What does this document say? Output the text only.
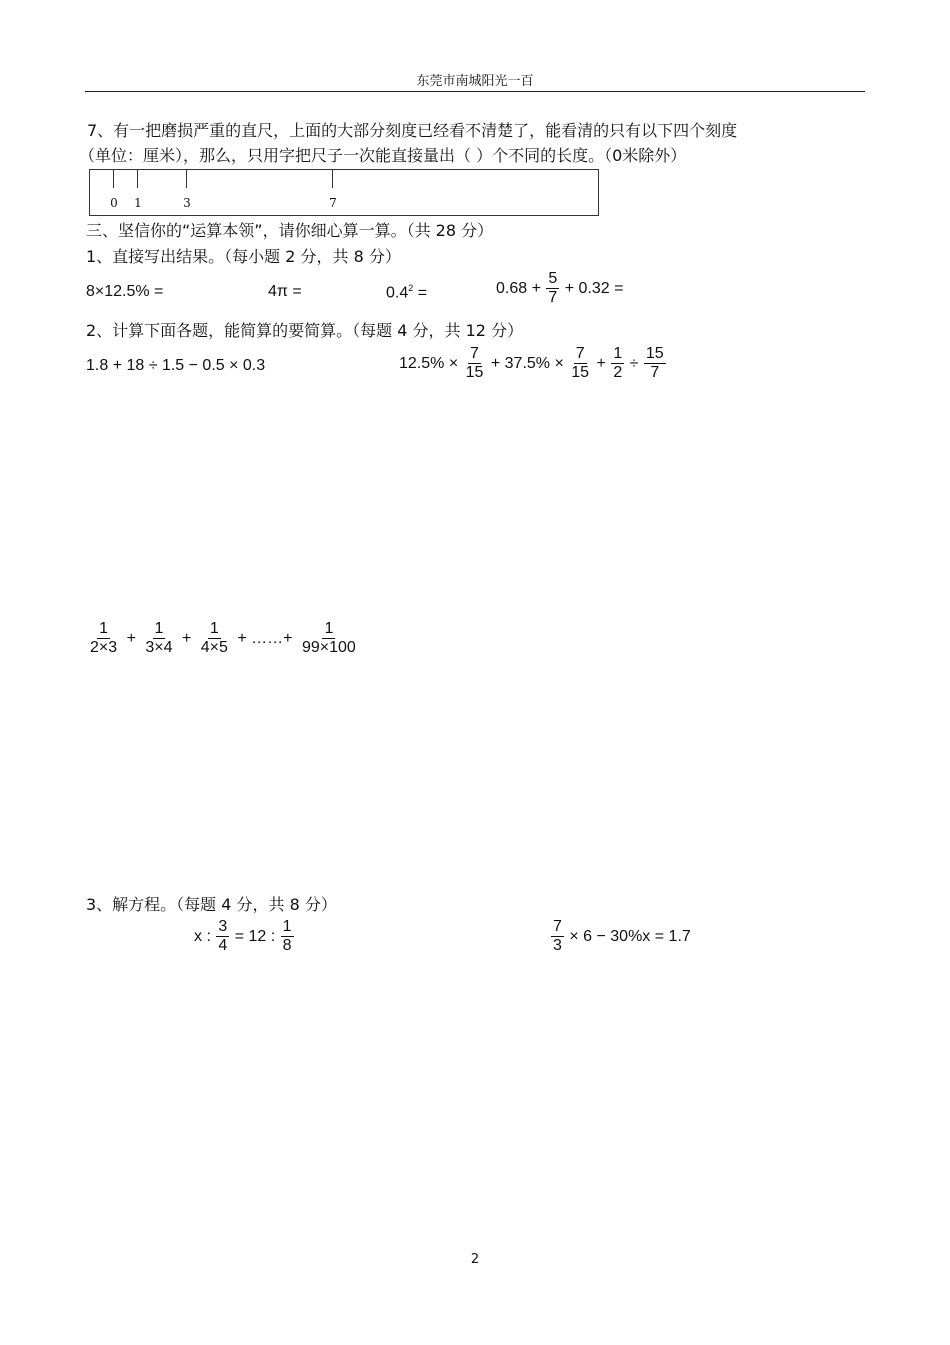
东莞市南城阳光一百
7、有一把磨损严重的直尺，上面的大部分刻度已经看不清楚了，能看清的只有以下四个刻度
（单位：厘米），那么，只用字把尺子一次能直接量出（ ）个不同的长度。（0米除外）
0 1	3	7
三、坚信你的“运算本领”，请你细心算一算。（共 28 分）
1、直接写出结果。（每小题 2 分，共 8 分）
8×12.5% =	4π =	$0.4^2$ =	$0.68 + \frac{5}{7} + 0.32$ =
2、计算下面各题，能简算的要简算。（每题 4 分，共 12 分）
1.8 + 18 ÷ 1.5 − 0.5 × 0.3	$12.5\% \times \frac{7}{15} + 37.5\% \times \frac{7}{15} + \frac{1}{2} \div \frac{15}{7}$
$\frac{1}{2\times 3} + \frac{1}{3\times 4} + \frac{1}{4\times 5}$ + ……+ $\frac{1}{99\times 100}$
3、解方程。（每题 4 分，共 8 分）
x : $\frac{3}{4} = 12$ : $\frac{1}{8}$	$\frac{7}{3} \times 6 - 30\%x = 1.7$
2
